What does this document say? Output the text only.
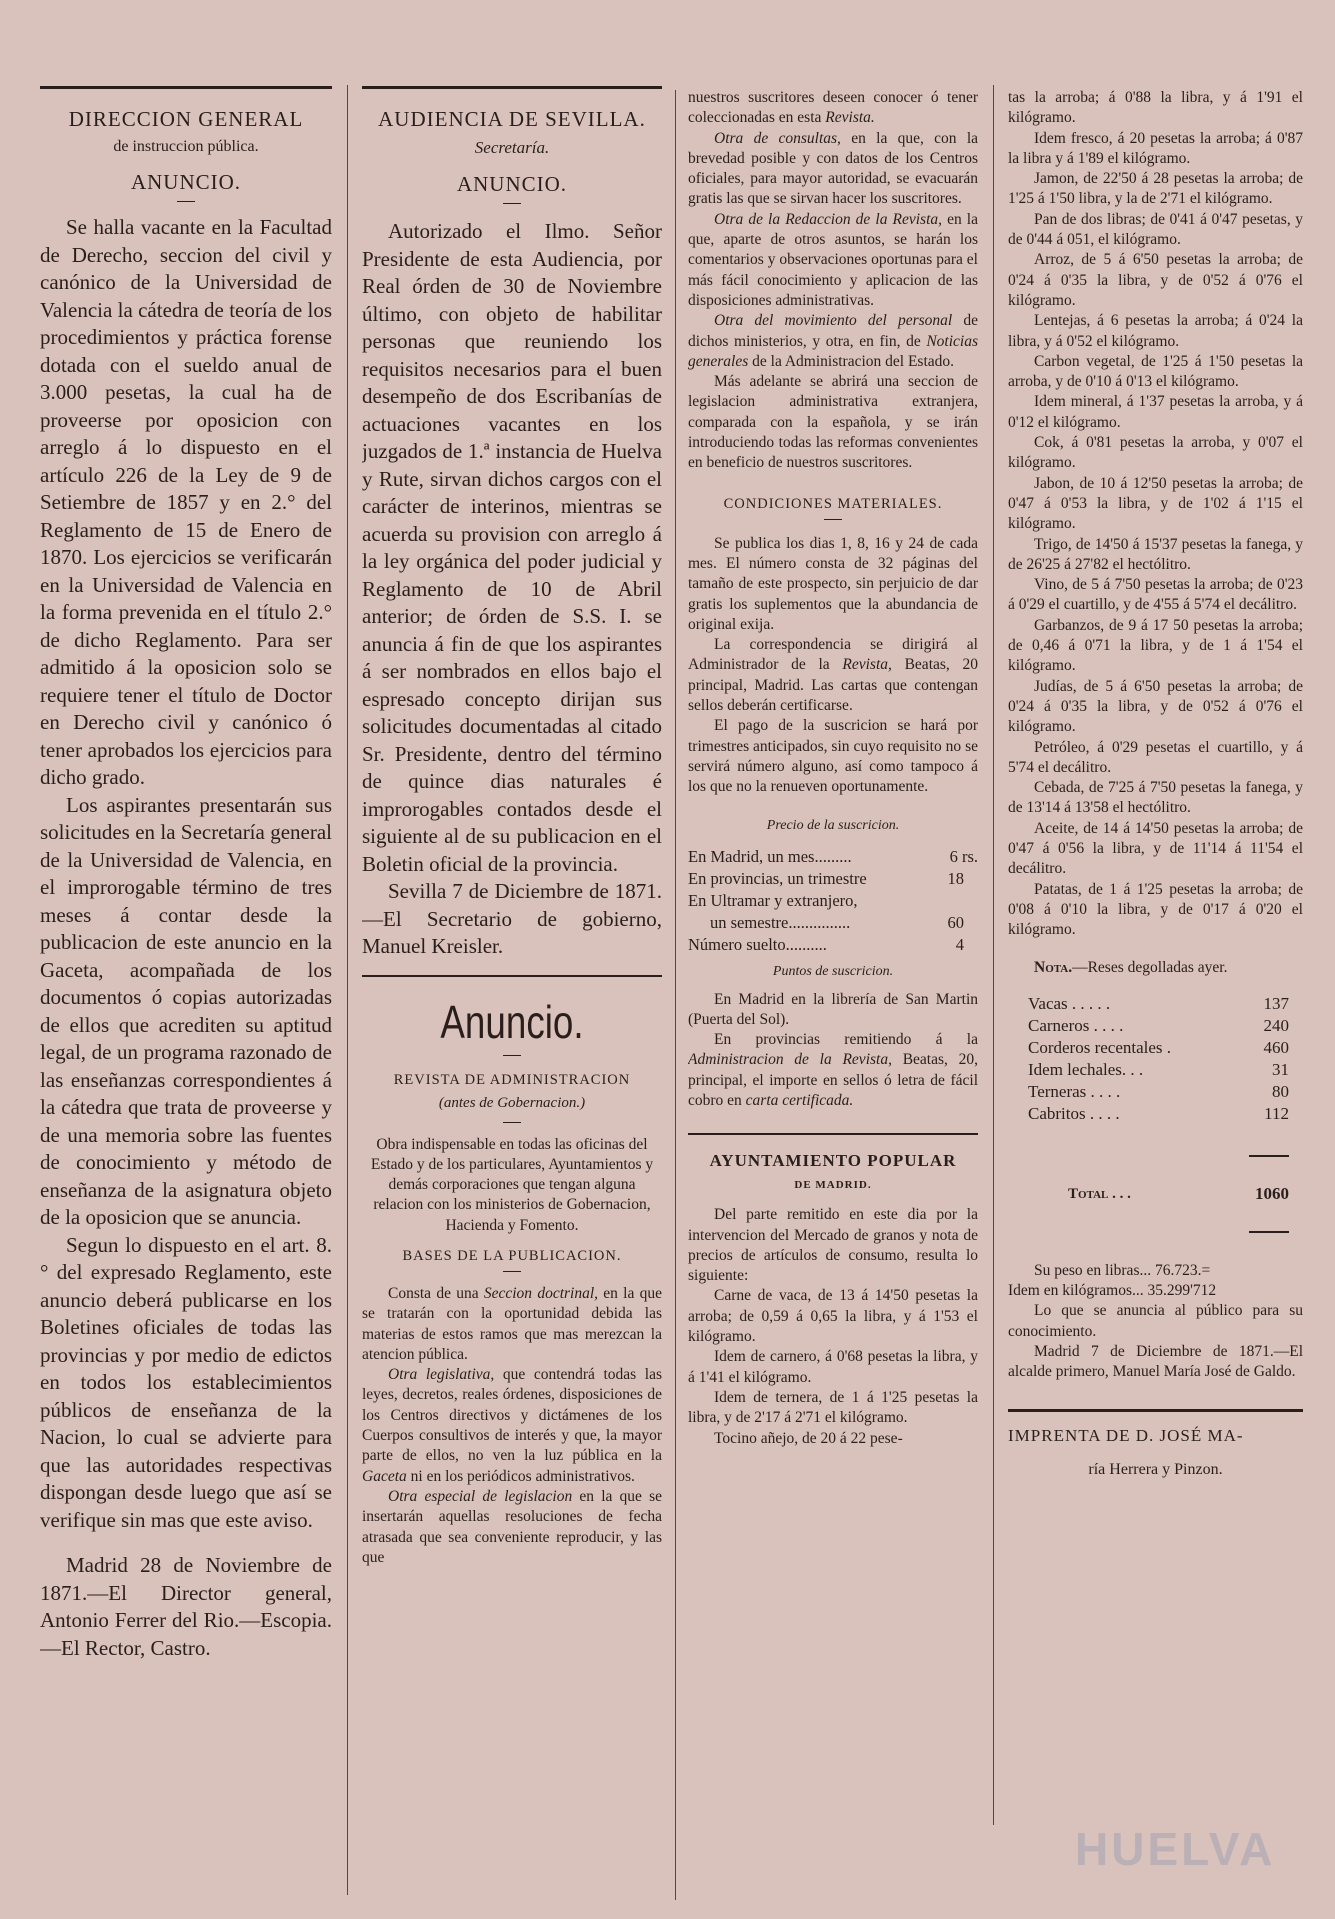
DIRECCION GENERAL
de instruccion pública.
ANUNCIO.

Se halla vacante en la Facultad de Derecho, seccion del civil y canónico de la Universidad de Valencia la cátedra de teoría de los procedimientos y práctica forense dotada con el sueldo anual de 3.000 pesetas, la cual ha de proveerse por oposicion con arreglo á lo dispuesto en el artículo 226 de la Ley de 9 de Setiembre de 1857 y en 2.° del Reglamento de 15 de Enero de 1870. Los ejercicios se verificarán en la Universidad de Valencia en la forma prevenida en el título 2.° de dicho Reglamento. Para ser admitido á la oposicion solo se requiere tener el título de Doctor en Derecho civil y canónico ó tener aprobados los ejercicios para dicho grado.

Los aspirantes presentarán sus solicitudes en la Secretaría general de la Universidad de Valencia, en el improrogable término de tres meses á contar desde la publicacion de este anuncio en la Gaceta, acompañada de los documentos ó copias autorizadas de ellos que acrediten su aptitud legal, de un programa razonado de las enseñanzas correspondientes á la cátedra que trata de proveerse y de una memoria sobre las fuentes de conocimiento y método de enseñanza de la asignatura objeto de la oposicion que se anuncia.

Segun lo dispuesto en el art. 8.° del expresado Reglamento, este anuncio deberá publicarse en los Boletines oficiales de todas las provincias y por medio de edictos en todos los establecimientos públicos de enseñanza de la Nacion, lo cual se advierte para que las autoridades respectivas dispongan desde luego que así se verifique sin mas que este aviso.

Madrid 28 de Noviembre de 1871.—El Director general, Antonio Ferrer del Rio.—Escopia.—El Rector, Castro.

AUDIENCIA DE SEVILLA.
Secretaría.
ANUNCIO.

Autorizado el Ilmo. Señor Presidente de esta Audiencia, por Real órden de 30 de Noviembre último, con objeto de habilitar personas que reuniendo los requisitos necesarios para el buen desempeño de dos Escribanías de actuaciones vacantes en los juzgados de 1.ª instancia de Huelva y Rute, sirvan dichos cargos con el carácter de interinos, mientras se acuerda su provision con arreglo á la ley orgánica del poder judicial y Reglamento de 10 de Abril anterior; de órden de S.S. I. se anuncia á fin de que los aspirantes á ser nombrados en ellos bajo el espresado concepto dirijan sus solicitudes documentadas al citado Sr. Presidente, dentro del término de quince dias naturales é improrogables contados desde el siguiente al de su publicacion en el Boletin oficial de la provincia.

Sevilla 7 de Diciembre de 1871.—El Secretario de gobierno, Manuel Kreisler.

Anuncio.
REVISTA DE ADMINISTRACION
(antes de Gobernacion.)

Obra indispensable en todas las oficinas del Estado y de los particulares, Ayuntamientos y demás corporaciones que tengan alguna relacion con los ministerios de Gobernacion, Hacienda y Fomento.

BASES DE LA PUBLICACION.

Consta de una Seccion doctrinal, en la que se tratarán con la oportunidad debida las materias de estos ramos que mas merezcan la atencion pública.

Otra legislativa, que contendrá todas las leyes, decretos, reales órdenes, disposiciones de los Centros directivos y dictámenes de los Cuerpos consultivos de interés y que, la mayor parte de ellos, no ven la luz pública en la Gaceta ni en los periódicos administrativos.

Otra especial de legislacion en la que se insertarán aquellas resoluciones de fecha atrasada que sea conveniente reproducir, y las que

nuestros suscritores deseen conocer ó tener coleccionadas en esta Revista.

Otra de consultas, en la que, con la brevedad posible y con datos de los Centros oficiales, para mayor autoridad, se evacuarán gratis las que se sirvan hacer los suscritores.

Otra de la Redaccion de la Revista, en la que, aparte de otros asuntos, se harán los comentarios y observaciones oportunas para el más fácil conocimiento y aplicacion de las disposiciones administrativas.

Otra del movimiento del personal de dichos ministerios, y otra, en fin, de Noticias generales de la Administracion del Estado.

Más adelante se abrirá una seccion de legislacion administrativa extranjera, comparada con la española, y se irán introduciendo todas las reformas convenientes en beneficio de nuestros suscritores.

CONDICIONES MATERIALES.

Se publica los dias 1, 8, 16 y 24 de cada mes. El número consta de 32 páginas del tamaño de este prospecto, sin perjuicio de dar gratis los suplementos que la abundancia de original exija.

La correspondencia se dirigirá al Administrador de la Revista, Beatas, 20 principal, Madrid. Las cartas que contengan sellos deberán certificarse.

El pago de la suscricion se hará por trimestres anticipados, sin cuyo requisito no se servirá número alguno, así como tampoco á los que no la renueven oportunamente.

Precio de la suscricion.
En Madrid, un mes.........	6 rs.
En provincias, un trimestre	18
En Ultramar y extranjero,	
un semestre...............	60
Número suelto..........	4
Puntos de suscricion.

En Madrid en la librería de San Martin (Puerta del Sol).

En provincias remitiendo á la Administracion de la Revista, Beatas, 20, principal, el importe en sellos ó letra de fácil cobro en carta certificada.

AYUNTAMIENTO POPULAR
DE MADRID.

Del parte remitido en este dia por la intervencion del Mercado de granos y nota de precios de artículos de consumo, resulta lo siguiente:

Carne de vaca, de 13 á 14'50 pesetas la arroba; de 0,59 á 0,65 la libra, y á 1'53 el kilógramo.

Idem de carnero, á 0'68 pesetas la libra, y á 1'41 el kilógramo.

Idem de ternera, de 1 á 1'25 pesetas la libra, y de 2'17 á 2'71 el kilógramo.

Tocino añejo, de 20 á 22 pese-

tas la arroba; á 0'88 la libra, y á 1'91 el kilógramo.

Idem fresco, á 20 pesetas la arroba; á 0'87 la libra y á 1'89 el kilógramo.

Jamon, de 22'50 á 28 pesetas la arroba; de 1'25 á 1'50 libra, y la de 2'71 el kilógramo.

Pan de dos libras; de 0'41 á 0'47 pesetas, y de 0'44 á 051, el kilógramo.

Arroz, de 5 á 6'50 pesetas la arroba; de 0'24 á 0'35 la libra, y de 0'52 á 0'76 el kilógramo.

Lentejas, á 6 pesetas la arroba; á 0'24 la libra, y á 0'52 el kilógramo.

Carbon vegetal, de 1'25 á 1'50 pesetas la arroba, y de 0'10 á 0'13 el kilógramo.

Idem mineral, á 1'37 pesetas la arroba, y á 0'12 el kilógramo.

Cok, á 0'81 pesetas la arroba, y 0'07 el kilógramo.

Jabon, de 10 á 12'50 pesetas la arroba; de 0'47 á 0'53 la libra, y de 1'02 á 1'15 el kilógramo.

Trigo, de 14'50 á 15'37 pesetas la fanega, y de 26'25 á 27'82 el hectólitro.

Vino, de 5 á 7'50 pesetas la arroba; de 0'23 á 0'29 el cuartillo, y de 4'55 á 5'74 el decálitro.

Garbanzos, de 9 á 17 50 pesetas la arroba; de 0,46 á 0'71 la libra, y de 1 á 1'54 el kilógramo.

Judías, de 5 á 6'50 pesetas la arroba; de 0'24 á 0'35 la libra, y de 0'52 á 0'76 el kilógramo.

Petróleo, á 0'29 pesetas el cuartillo, y á 5'74 el decálitro.

Cebada, de 7'25 á 7'50 pesetas la fanega, y de 13'14 á 13'58 el hectólitro.

Aceite, de 14 á 14'50 pesetas la arroba; de 0'47 á 0'56 la libra, y de 11'14 á 11'54 el decálitro.

Patatas, de 1 á 1'25 pesetas la arroba; de 0'08 á 0'10 la libra, y de 0'17 á 0'20 el kilógramo.

Nota.—Reses degolladas ayer.

Vacas . . . . .	137
Carneros . . . .	240
Corderos recentales .	460
Idem lechales. . .	31
Terneras . . . .	80
Cabritos . . . .	112
Total . . .	1060

Su peso en libras... 76.723.=

Idem en kilógramos... 35.299'712

Lo que se anuncia al público para su conocimiento.

Madrid 7 de Diciembre de 1871.—El alcalde primero, Manuel María José de Galdo.

IMPRENTA DE D. JOSÉ MA-

ría Herrera y Pinzon.

HUELVA
